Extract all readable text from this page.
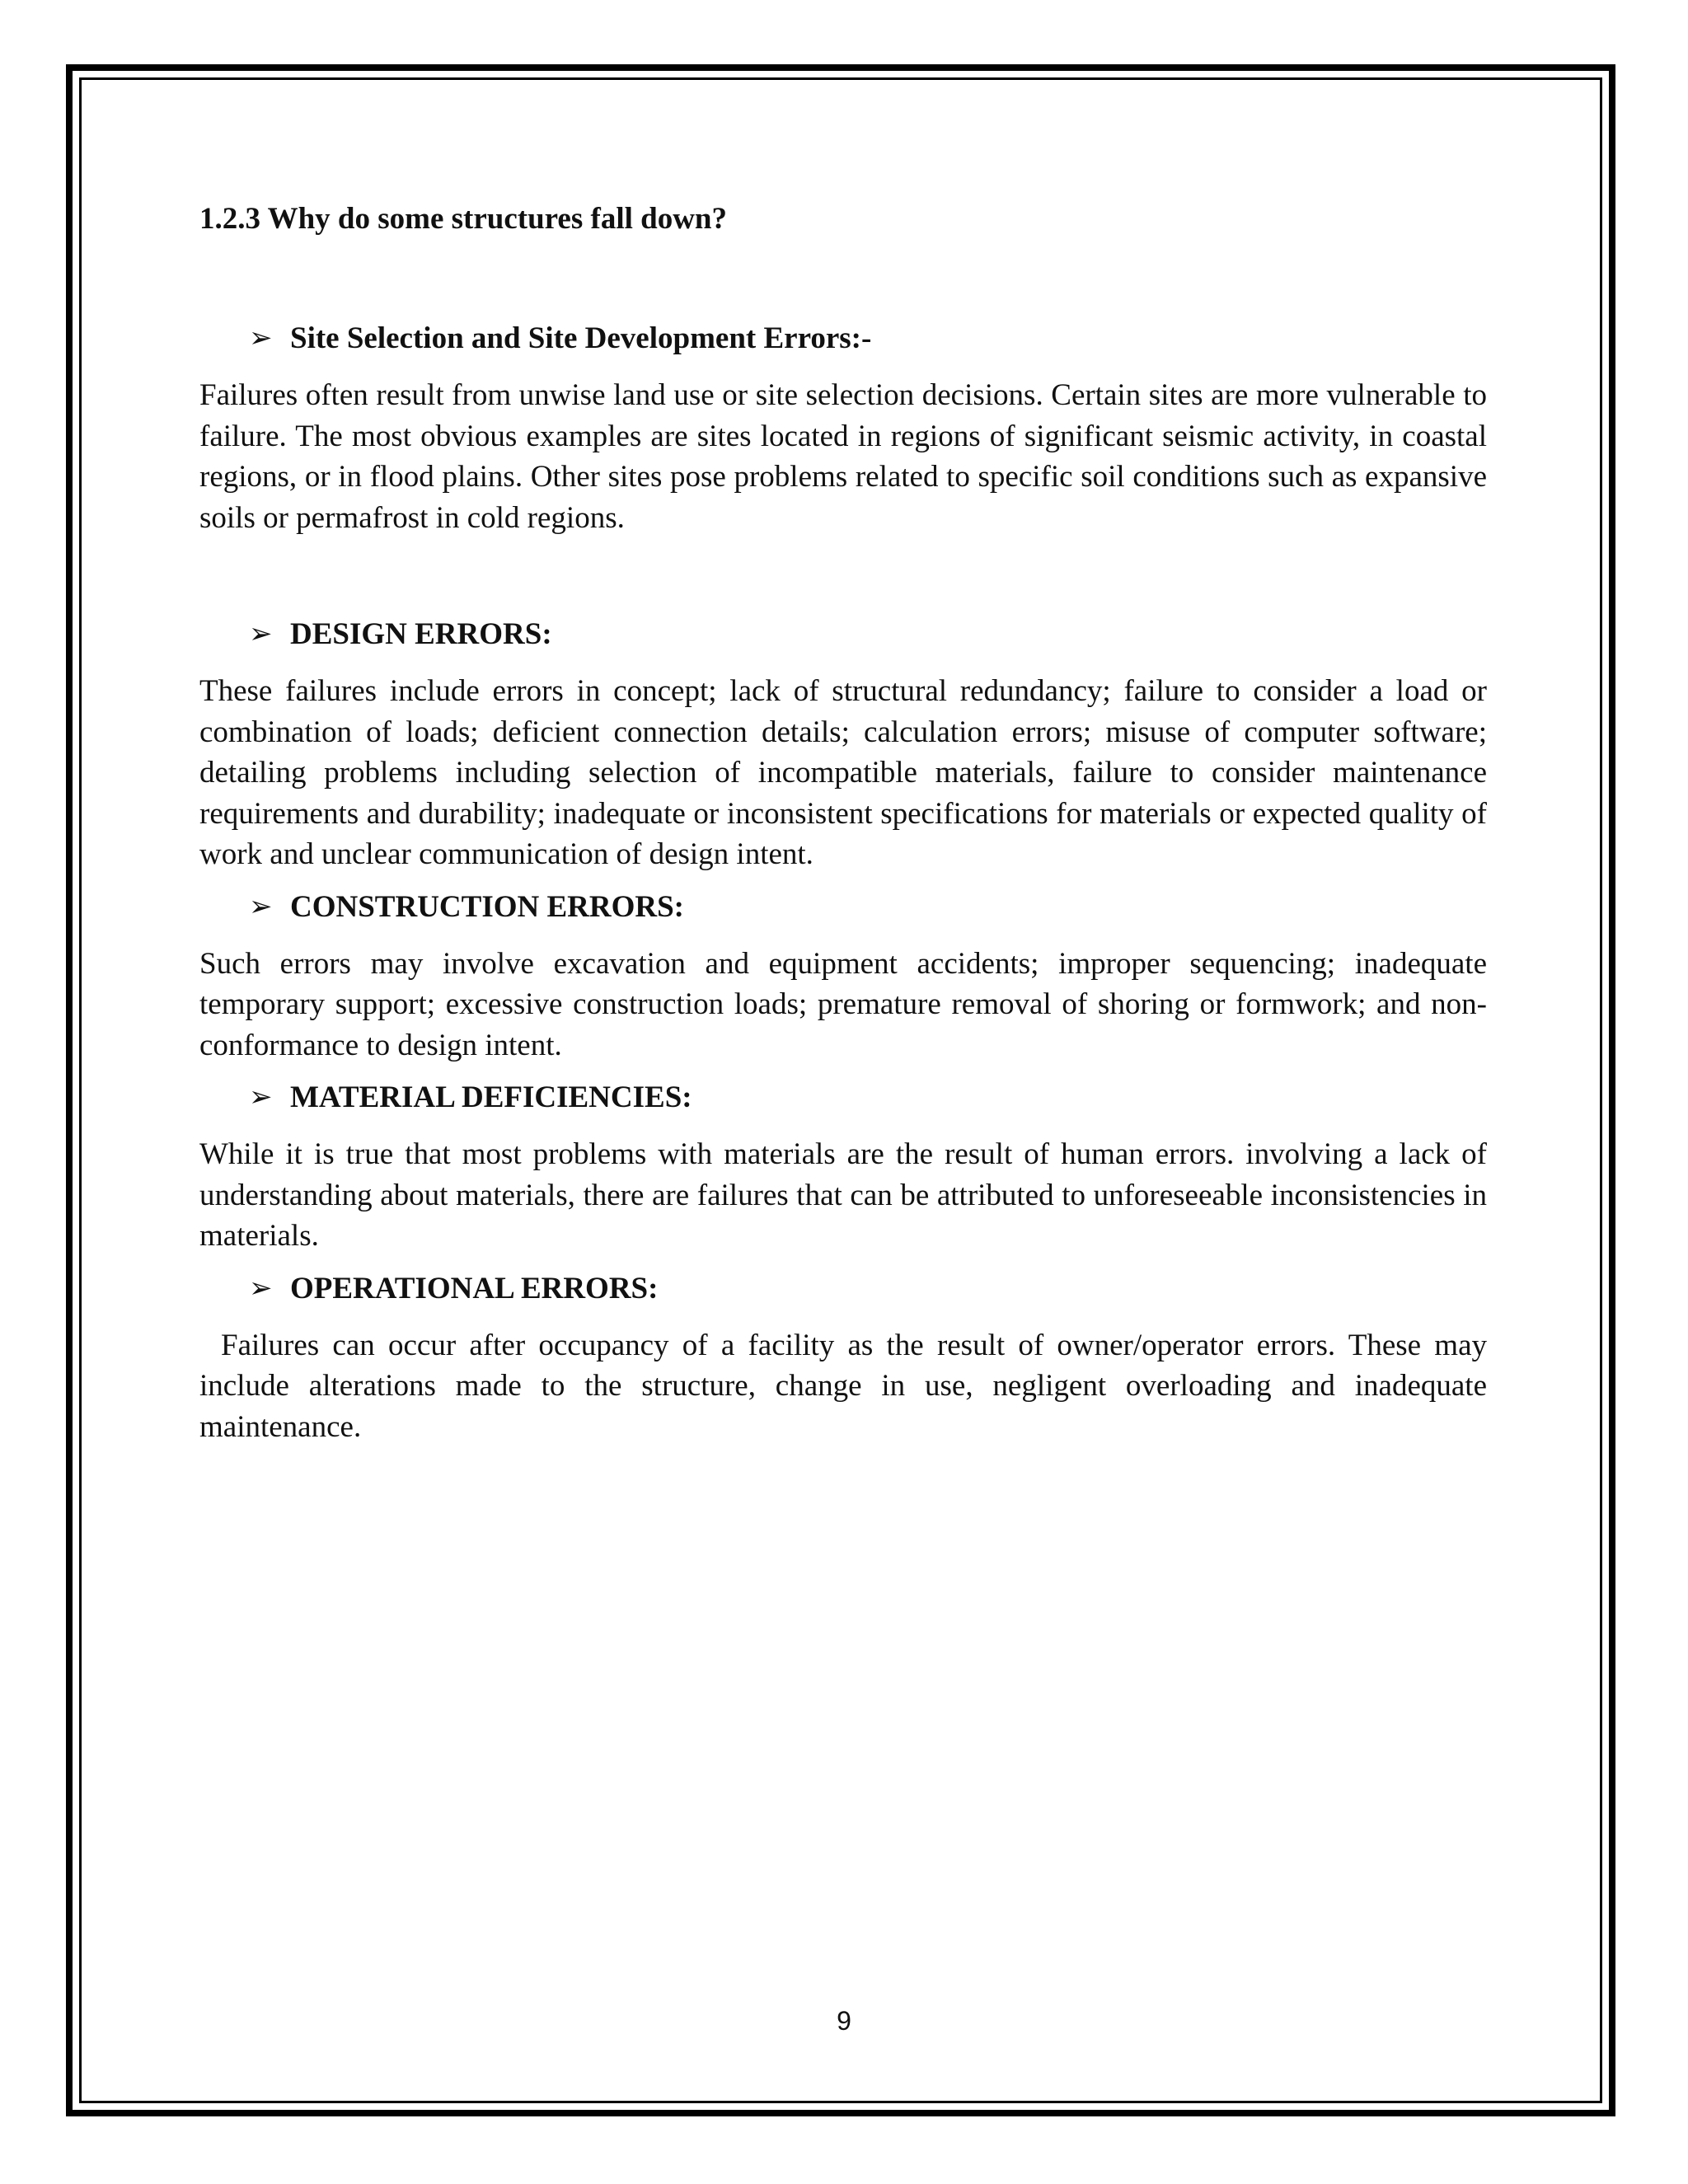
1.2.3 Why do some structures fall down?
➢ Site Selection and Site Development Errors:-

Failures often result from unwise land use or site selection decisions. Certain sites are more vulnerable to failure. The most obvious examples are sites located in regions of significant seismic activity, in coastal regions, or in flood plains. Other sites pose problems related to specific soil conditions such as expansive soils or permafrost in cold regions.

➢ DESIGN ERRORS:

These failures include errors in concept; lack of structural redundancy; failure to consider a load or combination of loads; deficient connection details; calculation errors; misuse of computer software; detailing problems including selection of incompatible materials, failure to consider maintenance requirements and durability; inadequate or inconsistent specifications for materials or expected quality of work and unclear communication of design intent.

➢ CONSTRUCTION ERRORS:

Such errors may involve excavation and equipment accidents; improper sequencing; inadequate temporary support; excessive construction loads; premature removal of shoring or formwork; and non-conformance to design intent.

➢ MATERIAL DEFICIENCIES:

While it is true that most problems with materials are the result of human errors. involving a lack of understanding about materials, there are failures that can be attributed to unforeseeable inconsistencies in materials.

➢ OPERATIONAL ERRORS:

Failures can occur after occupancy of a facility as the result of owner/operator errors. These may include alterations made to the structure, change in use, negligent overloading and inadequate maintenance.

9
